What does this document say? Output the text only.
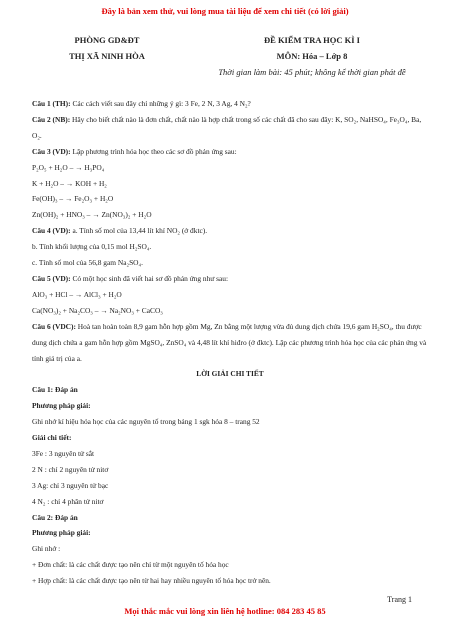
Đây là bản xem thử, vui lòng mua tài liệu để xem chi tiết (có lời giải)
PHÒNG GD&ĐT
THỊ XÃ NINH HÒA
ĐỀ KIỂM TRA HỌC KÌ I
MÔN: Hóa – Lớp 8
Thời gian làm bài: 45 phút; không kể thời gian phát đề

Câu 1 (TH): Các cách viết sau đây chỉ những ý gì: 3 Fe, 2 N, 3 Ag, 4 N₂?

Câu 2 (NB): Hãy cho biết chất nào là đơn chất, chất nào là hợp chất trong số các chất đã cho sau đây: K, SO₂, NaHSO₄, Fe₃O₄, Ba, O₂.

Câu 3 (VD): Lập phương trình hóa học theo các sơ đồ phản ứng sau:

P₂O₅ + H₂O – → H₃PO₄

K + H₂O – → KOH + H₂

Fe(OH)₃ – → Fe₂O₃ + H₂O

Zn(OH)₂ + HNO₃ – → Zn(NO₃)₂ + H₂O

Câu 4 (VD): a. Tính số mol của 13,44 lít khí NO₂ (ở đktc).

b. Tính khối lượng của 0,15 mol H₂SO₄.

c. Tính số mol của 56,8 gam Na₂SO₄.

Câu 5 (VD): Có một học sinh đã viết hai sơ đồ phản ứng như sau:

AlO₃ + HCl – → AlCl₃ + H₂O

Ca(NO₃)₂ + Na₂CO₃ – → Na₂NO₃ + CaCO₃

Câu 6 (VDC): Hoà tan hoàn toàn 8,9 gam hỗn hợp gồm Mg, Zn bằng một lượng vừa đủ dung dịch chứa 19,6 gam H₂SO₄, thu được dung dịch chứa a gam hỗn hợp gồm MgSO₄, ZnSO₄ và 4,48 lít khí hiđro (ở đktc). Lập các phương trình hóa học của các phản ứng và tính giá trị của a.

LỜI GIẢI CHI TIẾT

Câu 1: Đáp án

Phương pháp giải:

Ghi nhớ kí hiệu hóa học của các nguyên tố trong bảng 1 sgk hóa 8 – trang 52

Giải chi tiết:

3Fe : 3 nguyên tử sắt

2 N : chỉ 2 nguyên tử nitơ

3 Ag: chỉ 3 nguyên tử bạc

4 N₂ : chỉ 4 phân tử nitơ

Câu 2: Đáp án

Phương pháp giải:

Ghi nhớ :

+ Đơn chất: là các chất được tạo nên chỉ từ một nguyên tố hóa học

+ Hợp chất: là các chất được tạo nên từ hai hay nhiều nguyên tố hóa học trở nên.

Trang 1
Mọi thắc mắc vui lòng xin liên hệ hotline: 084 283 45 85
